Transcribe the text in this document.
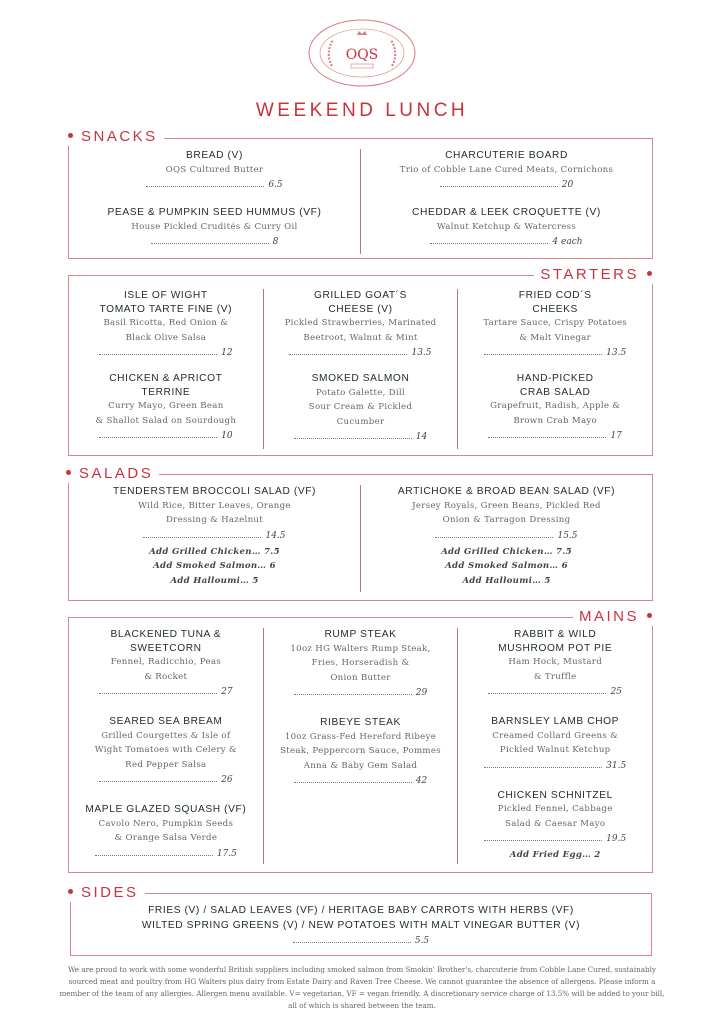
OQS
WEEKEND LUNCH
BREAD (V)
OQS Cultured Butter
6.5
PEASE & PUMPKIN SEED HUMMUS (VF)
House Pickled Crudités & Curry Oil
8
CHARCUTERIE BOARD
Trio of Cobble Lane Cured Meats, Cornichons
20
CHEDDAR & LEEK CROQUETTE (V)
Walnut Ketchup & Watercress
4 each
SNACKS
ISLE OF WIGHT
TOMATO TARTE FINE (V)
Basil Ricotta, Red Onion &
Black Olive Salsa
12
CHICKEN & APRICOT
TERRINE
Curry Mayo, Green Bean
& Shallot Salad on Sourdough
10
GRILLED GOAT´S
CHEESE (V)
Pickled Strawberries, Marinated
Beetroot, Walnut & Mint
13.5
SMOKED SALMON
Potato Galette, Dill
Sour Cream & Pickled
Cucumber
14
FRIED COD´S
CHEEKS
Tartare Sauce, Crispy Potatoes
& Malt Vinegar
13.5
HAND-PICKED
CRAB SALAD
Grapefruit, Radish, Apple &
Brown Crab Mayo
17
STARTERS
TENDERSTEM BROCCOLI SALAD (VF)
Wild Rice, Bitter Leaves, Orange
Dressing & Hazelnut
14.5
Add Grilled Chicken… 7.5
Add Smoked Salmon… 6
Add Halloumi… 5
ARTICHOKE & BROAD BEAN SALAD (VF)
Jersey Royals, Green Beans, Pickled Red
Onion & Tarragon Dressing
15.5
Add Grilled Chicken… 7.5
Add Smoked Salmon… 6
Add Halloumi… 5
SALADS
BLACKENED TUNA &
SWEETCORN
Fennel, Radicchio, Peas
& Rocket
27
SEARED SEA BREAM
Grilled Courgettes & Isle of
Wight Tomatoes with Celery &
Red Pepper Salsa
26
MAPLE GLAZED SQUASH (VF)
Cavolo Nero, Pumpkin Seeds
& Orange Salsa Verde
17.5
RUMP STEAK
10oz HG Walters Rump Steak,
Fries, Horseradish &
Onion Butter
29
RIBEYE STEAK
10oz Grass-Fed Hereford Ribeye
Steak, Peppercorn Sauce, Pommes
Anna & Baby Gem Salad
42
RABBIT & WILD
MUSHROOM POT PIE
Ham Hock, Mustard
& Truffle
25
BARNSLEY LAMB CHOP
Creamed Collard Greens &
Pickled Walnut Ketchup
31.5
CHICKEN SCHNITZEL
Pickled Fennel, Cabbage
Salad & Caesar Mayo
19.5
Add Fried Egg… 2
MAINS
FRIES (V) / SALAD LEAVES (VF) / HERITAGE BABY CARROTS WITH HERBS (VF)
WILTED SPRING GREENS (V) / NEW POTATOES WITH MALT VINEGAR BUTTER (V)
5.5
SIDES
We are proud to work with some wonderful British suppliers including smoked salmon from Smokin' Brother's, charcuterie from Cobble Lane Cured, sustainably sourced meat and poultry from HG Walters plus dairy from Estate Dairy and Raven Tree Cheese. We cannot guarantee the absence of allergens. Please inform a member of the team of any allergies. Allergen menu available. V= vegetarian, VF = vegan friendly. A discretionary service charge of 13.5% will be added to your bill, all of which is shared between the team.
